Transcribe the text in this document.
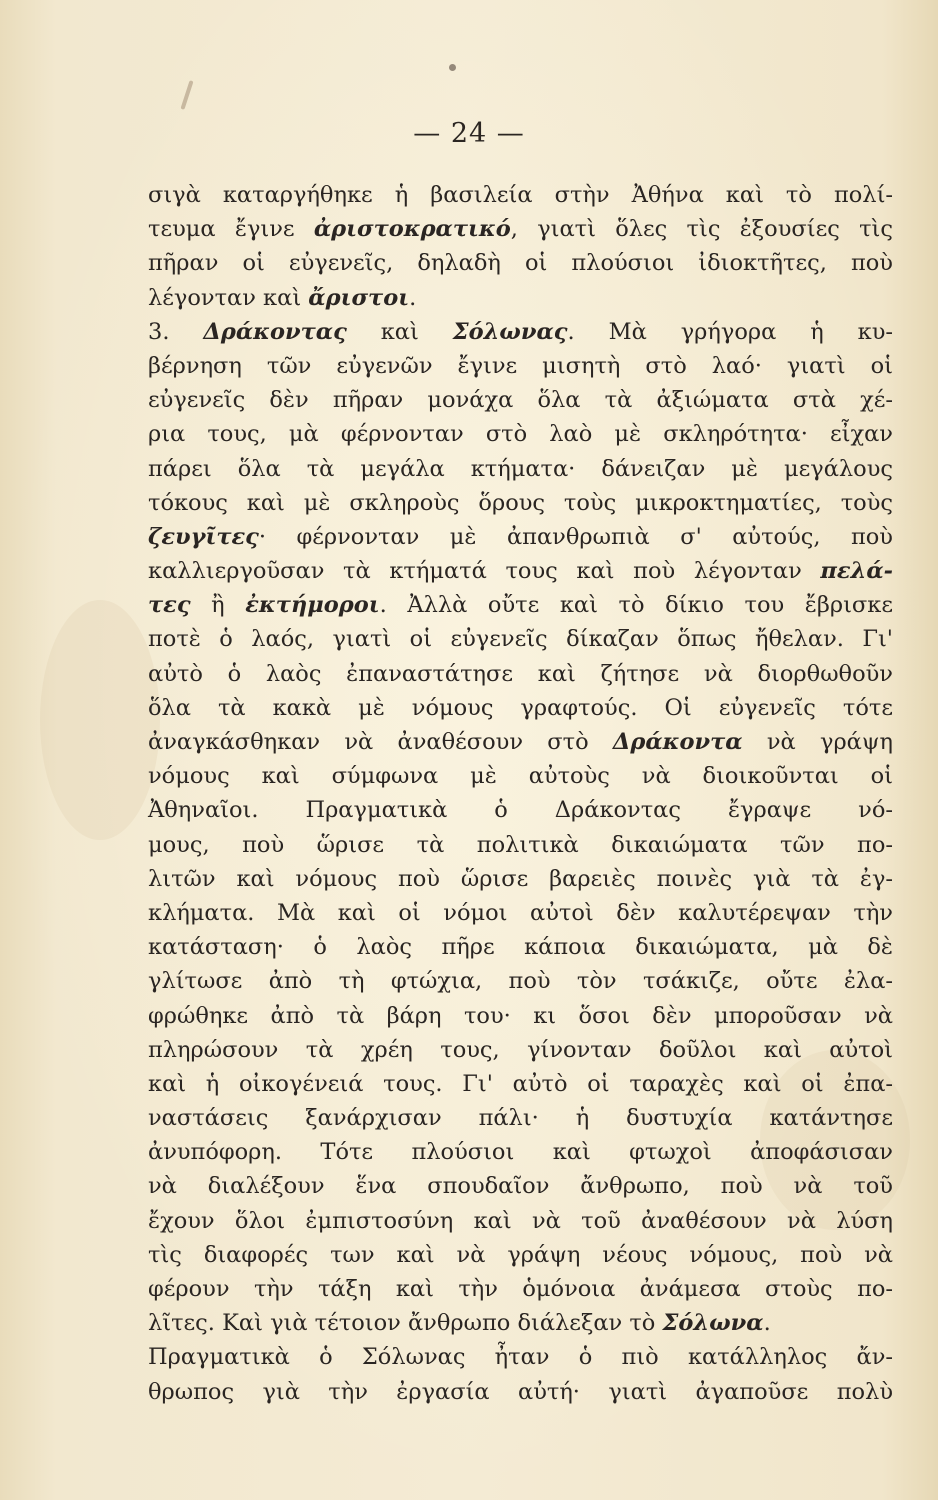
— 24 —
σιγὰ καταργήθηκε ἡ βασιλεία στὴν Ἀθήνα καὶ τὸ πολί-
τευμα ἔγινε ἀριστοκρατικό, γιατὶ ὅλες τὶς ἐξουσίες τὶς
πῆραν οἱ εὐγενεῖς, δηλαδὴ οἱ πλούσιοι ἰδιοκτῆτες, ποὺ
λέγονταν καὶ ἄριστοι.
3. Δράκοντας καὶ Σόλωνας. Μὰ γρήγορα ἡ κυ-
βέρνηση τῶν εὐγενῶν ἔγινε μισητὴ στὸ λαό· γιατὶ οἱ
εὐγενεῖς δὲν πῆραν μονάχα ὅλα τὰ ἀξιώματα στὰ χέ-
ρια τους, μὰ φέρνονταν στὸ λαὸ μὲ σκληρότητα· εἶχαν
πάρει ὅλα τὰ μεγάλα κτήματα· δάνειζαν μὲ μεγάλους
τόκους καὶ μὲ σκληροὺς ὅρους τοὺς μικροκτηματίες, τοὺς
ζευγῖτες· φέρνονταν μὲ ἀπανθρωπιὰ σ' αὐτούς, ποὺ
καλλιεργοῦσαν τὰ κτήματά τους καὶ ποὺ λέγονταν πελά-
τες ἢ ἐκτήμοροι. Ἀλλὰ οὔτε καὶ τὸ δίκιο του ἔβρισκε
ποτὲ ὁ λαός, γιατὶ οἱ εὐγενεῖς δίκαζαν ὅπως ἤθελαν. Γι'
αὐτὸ ὁ λαὸς ἐπαναστάτησε καὶ ζήτησε νὰ διορθωθοῦν
ὅλα τὰ κακὰ μὲ νόμους γραφτούς. Οἱ εὐγενεῖς τότε
ἀναγκάσθηκαν νὰ ἀναθέσουν στὸ Δράκοντα νὰ γράψη
νόμους καὶ σύμφωνα μὲ αὐτοὺς νὰ διοικοῦνται οἱ
Ἀθηναῖοι. Πραγματικὰ ὁ Δράκοντας ἔγραψε νό-
μους, ποὺ ὥρισε τὰ πολιτικὰ δικαιώματα τῶν πο-
λιτῶν καὶ νόμους ποὺ ὥρισε βαρειὲς ποινὲς γιὰ τὰ ἐγ-
κλήματα. Μὰ καὶ οἱ νόμοι αὐτοὶ δὲν καλυτέρεψαν τὴν
κατάσταση· ὁ λαὸς πῆρε κάποια δικαιώματα, μὰ δὲ
γλίτωσε ἀπὸ τὴ φτώχια, ποὺ τὸν τσάκιζε, οὔτε ἐλα-
φρώθηκε ἀπὸ τὰ βάρη του· κι ὅσοι δὲν μποροῦσαν νὰ
πληρώσουν τὰ χρέη τους, γίνονταν δοῦλοι καὶ αὐτοὶ
καὶ ἡ οἰκογένειά τους. Γι' αὐτὸ οἱ ταραχὲς καὶ οἱ ἐπα-
ναστάσεις ξανάρχισαν πάλι· ἡ δυστυχία κατάντησε
ἀνυπόφορη. Τότε πλούσιοι καὶ φτωχοὶ ἀποφάσισαν
νὰ διαλέξουν ἕνα σπουδαῖον ἄνθρωπο, ποὺ νὰ τοῦ
ἔχουν ὅλοι ἐμπιστοσύνη καὶ νὰ τοῦ ἀναθέσουν νὰ λύση
τὶς διαφορές των καὶ νὰ γράψη νέους νόμους, ποὺ νὰ
φέρουν τὴν τάξη καὶ τὴν ὁμόνοια ἀνάμεσα στοὺς πο-
λῖτες. Καὶ γιὰ τέτοιον ἄνθρωπο διάλεξαν τὸ Σόλωνα.
Πραγματικὰ ὁ Σόλωνας ἦταν ὁ πιὸ κατάλληλος ἄν-
θρωπος γιὰ τὴν ἐργασία αὐτή· γιατὶ ἀγαποῦσε πολὺ
